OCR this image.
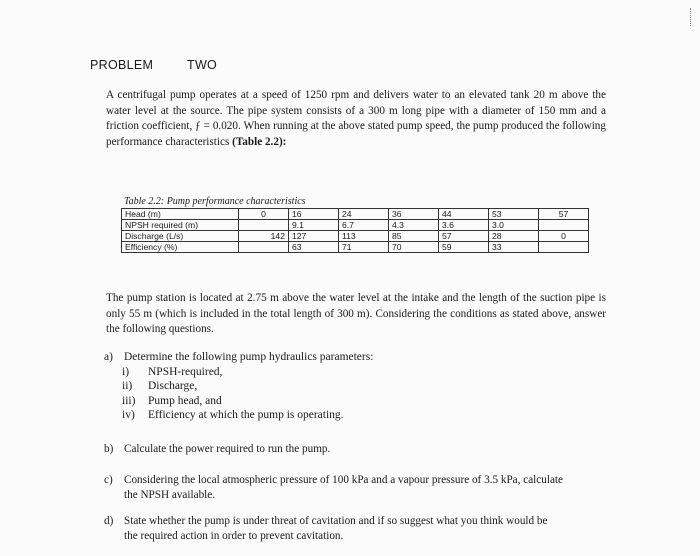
PROBLEM	TWO
A centrifugal pump operates at a speed of 1250 rpm and delivers water to an elevated tank 20 m above the water level at the source. The pipe system consists of a 300 m long pipe with a diameter of 150 mm and a friction coefficient, ƒ = 0.020. When running at the above stated pump speed, the pump produced the following performance characteristics (Table 2.2):
Table 2.2: Pump performance characteristics
Head (m)	0	16	24	36	44	53	57
NPSH required (m)		9.1	6.7	4.3	3.6	3.0	
Discharge (L/s)	142	127	113	85	57	28	0
Efficiency (%)		63	71	70	59	33	
The pump station is located at 2.75 m above the water level at the intake and the length of the suction pipe is only 55 m (which is included in the total length of 300 m). Considering the conditions as stated above, answer the following questions.
a) Determine the following pump hydraulics parameters:
i) NPSH-required,
ii) Discharge,
iii) Pump head, and
iv) Efficiency at which the pump is operating.
b) Calculate the power required to run the pump.
c) Considering the local atmospheric pressure of 100 kPa and a vapour pressure of 3.5 kPa, calculate
the NPSH available.
d) State whether the pump is under threat of cavitation and if so suggest what you think would be
the required action in order to prevent cavitation.
